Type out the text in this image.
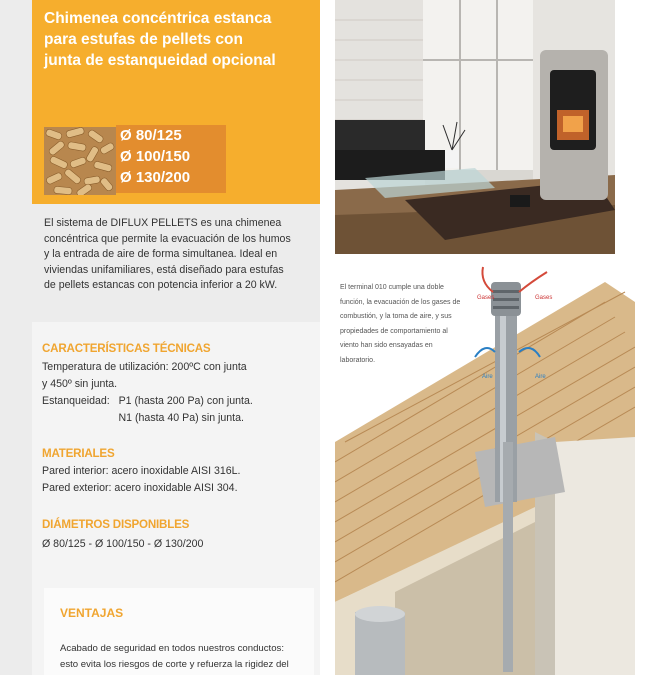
Chimenea concéntrica estanca
para estufas de pellets con
junta de estanqueidad opcional
Ø 80/125
Ø 100/150
Ø 130/200
El sistema de DIFLUX PELLETS es una chimenea
concéntrica que permite la evacuación de los humos
y la entrada de aire de forma simultanea. Ideal en
viviendas unifamiliares, está diseñado para estufas
de pellets estancas con potencia inferior a 20 kW.
CARACTERÍSTICAS TÉCNICAS
Temperatura de utilización: 200ºC con junta
y 450º sin junta.
Estanqueidad:   P1 (hasta 200 Pa) con junta.
N1 (hasta 40 Pa) sin junta.
MATERIALES
Pared interior: acero inoxidable AISI 316L.
Pared exterior: acero inoxidable AISI 304.
DIÁMETROS DISPONIBLES
Ø 80/125 - Ø 100/150 - Ø 130/200
VENTAJAS
Acabado de seguridad en todos nuestros conductos:
esto evita los riesgos de corte y refuerza la rigidez del
Gases	Gases
Aire	Aire
El terminal 010 cumple una doble función, la evacuación de los gases de combustión, y la toma de aire, y sus propiedades de comportamiento al viento han sido ensayadas en laboratorio.
